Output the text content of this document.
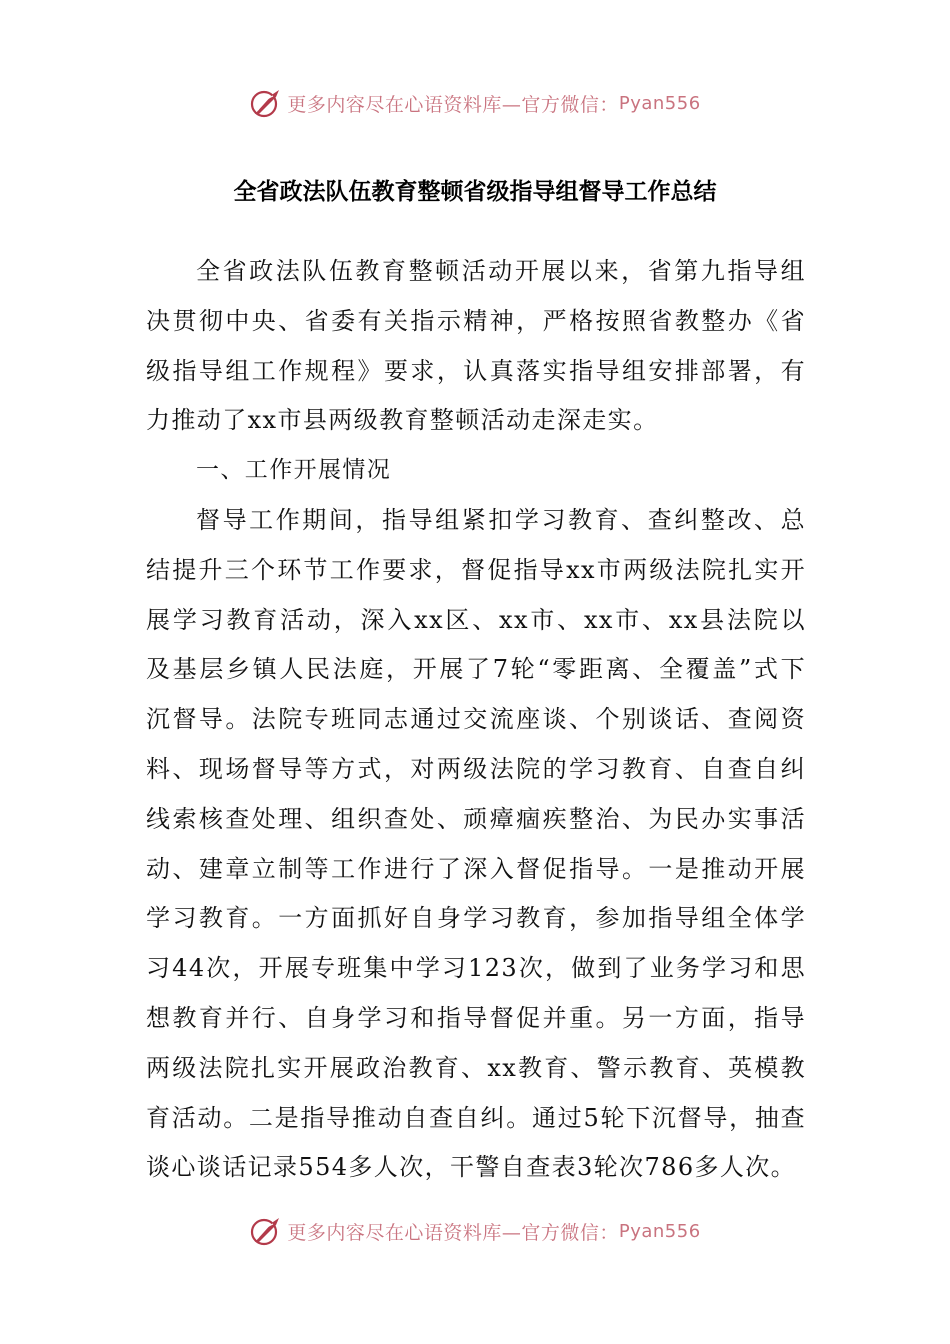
更多内容尽在心语资料库—官方微信： Pyan556
全省政法队伍教育整顿省级指导组督导工作总结
全省政法队伍教育整顿活动开展以来，省第九指导组
决贯彻中央、省委有关指示精神，严格按照省教整办《省
级指导组工作规程》要求，认真落实指导组安排部署，有
力推动了xx市县两级教育整顿活动走深走实。
一、工作开展情况
督导工作期间，指导组紧扣学习教育、查纠整改、总
结提升三个环节工作要求，督促指导xx市两级法院扎实开
展学习教育活动，深入xx区、xx市、xx市、xx县法院以
及基层乡镇人民法庭，开展了7轮“零距离、全覆盖”式下
沉督导。法院专班同志通过交流座谈、个别谈话、查阅资
料、现场督导等方式，对两级法院的学习教育、自查自纠
线索核查处理、组织查处、顽瘴痼疾整治、为民办实事活
动、建章立制等工作进行了深入督促指导。一是推动开展
学习教育。一方面抓好自身学习教育，参加指导组全体学
习44次，开展专班集中学习123次，做到了业务学习和思
想教育并行、自身学习和指导督促并重。另一方面，指导
两级法院扎实开展政治教育、xx教育、警示教育、英模教
育活动。二是指导推动自查自纠。通过5轮下沉督导，抽查
谈心谈话记录554多人次，干警自查表3轮次786多人次。
更多内容尽在心语资料库—官方微信： Pyan556
